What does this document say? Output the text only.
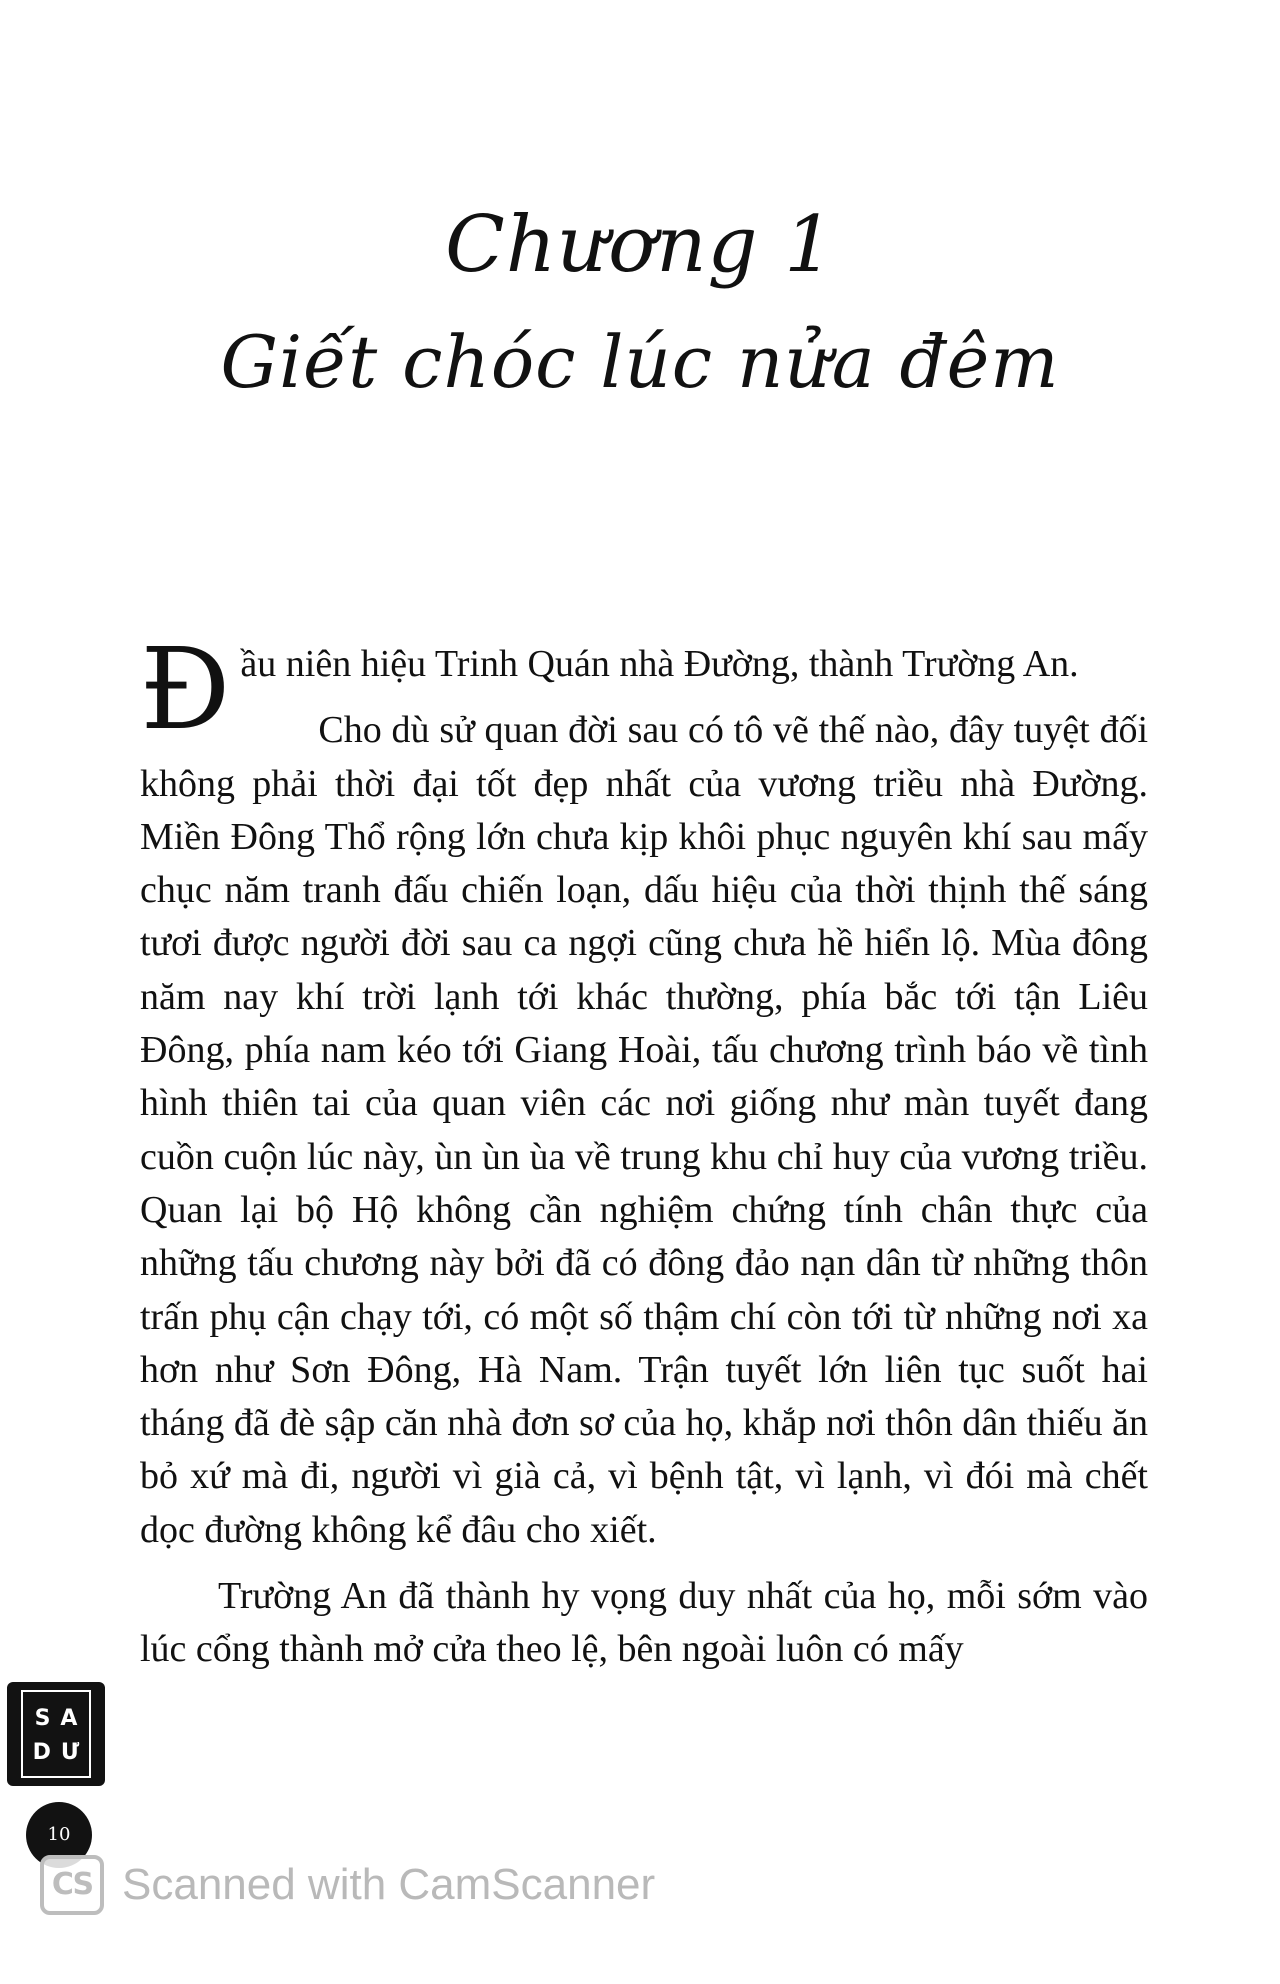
Chương 1
Giết chóc lúc nửa đêm

Đầu niên hiệu Trinh Quán nhà Đường, thành Trường An.

Cho dù sử quan đời sau có tô vẽ thế nào, đây tuyệt đối không phải thời đại tốt đẹp nhất của vương triều nhà Đường. Miền Đông Thổ rộng lớn chưa kịp khôi phục nguyên khí sau mấy chục năm tranh đấu chiến loạn, dấu hiệu của thời thịnh thế sáng tươi được người đời sau ca ngợi cũng chưa hề hiển lộ. Mùa đông năm nay khí trời lạnh tới khác thường, phía bắc tới tận Liêu Đông, phía nam kéo tới Giang Hoài, tấu chương trình báo về tình hình thiên tai của quan viên các nơi giống như màn tuyết đang cuồn cuộn lúc này, ùn ùn ùa về trung khu chỉ huy của vương triều. Quan lại bộ Hộ không cần nghiệm chứng tính chân thực của những tấu chương này bởi đã có đông đảo nạn dân từ những thôn trấn phụ cận chạy tới, có một số thậm chí còn tới từ những nơi xa hơn như Sơn Đông, Hà Nam. Trận tuyết lớn liên tục suốt hai tháng đã đè sập căn nhà đơn sơ của họ, khắp nơi thôn dân thiếu ăn bỏ xứ mà đi, người vì già cả, vì bệnh tật, vì lạnh, vì đói mà chết dọc đường không kể đâu cho xiết.

Trường An đã thành hy vọng duy nhất của họ, mỗi sớm vào lúc cổng thành mở cửa theo lệ, bên ngoài luôn có mấy

SA
DƯ
10
CS Scanned with CamScanner
